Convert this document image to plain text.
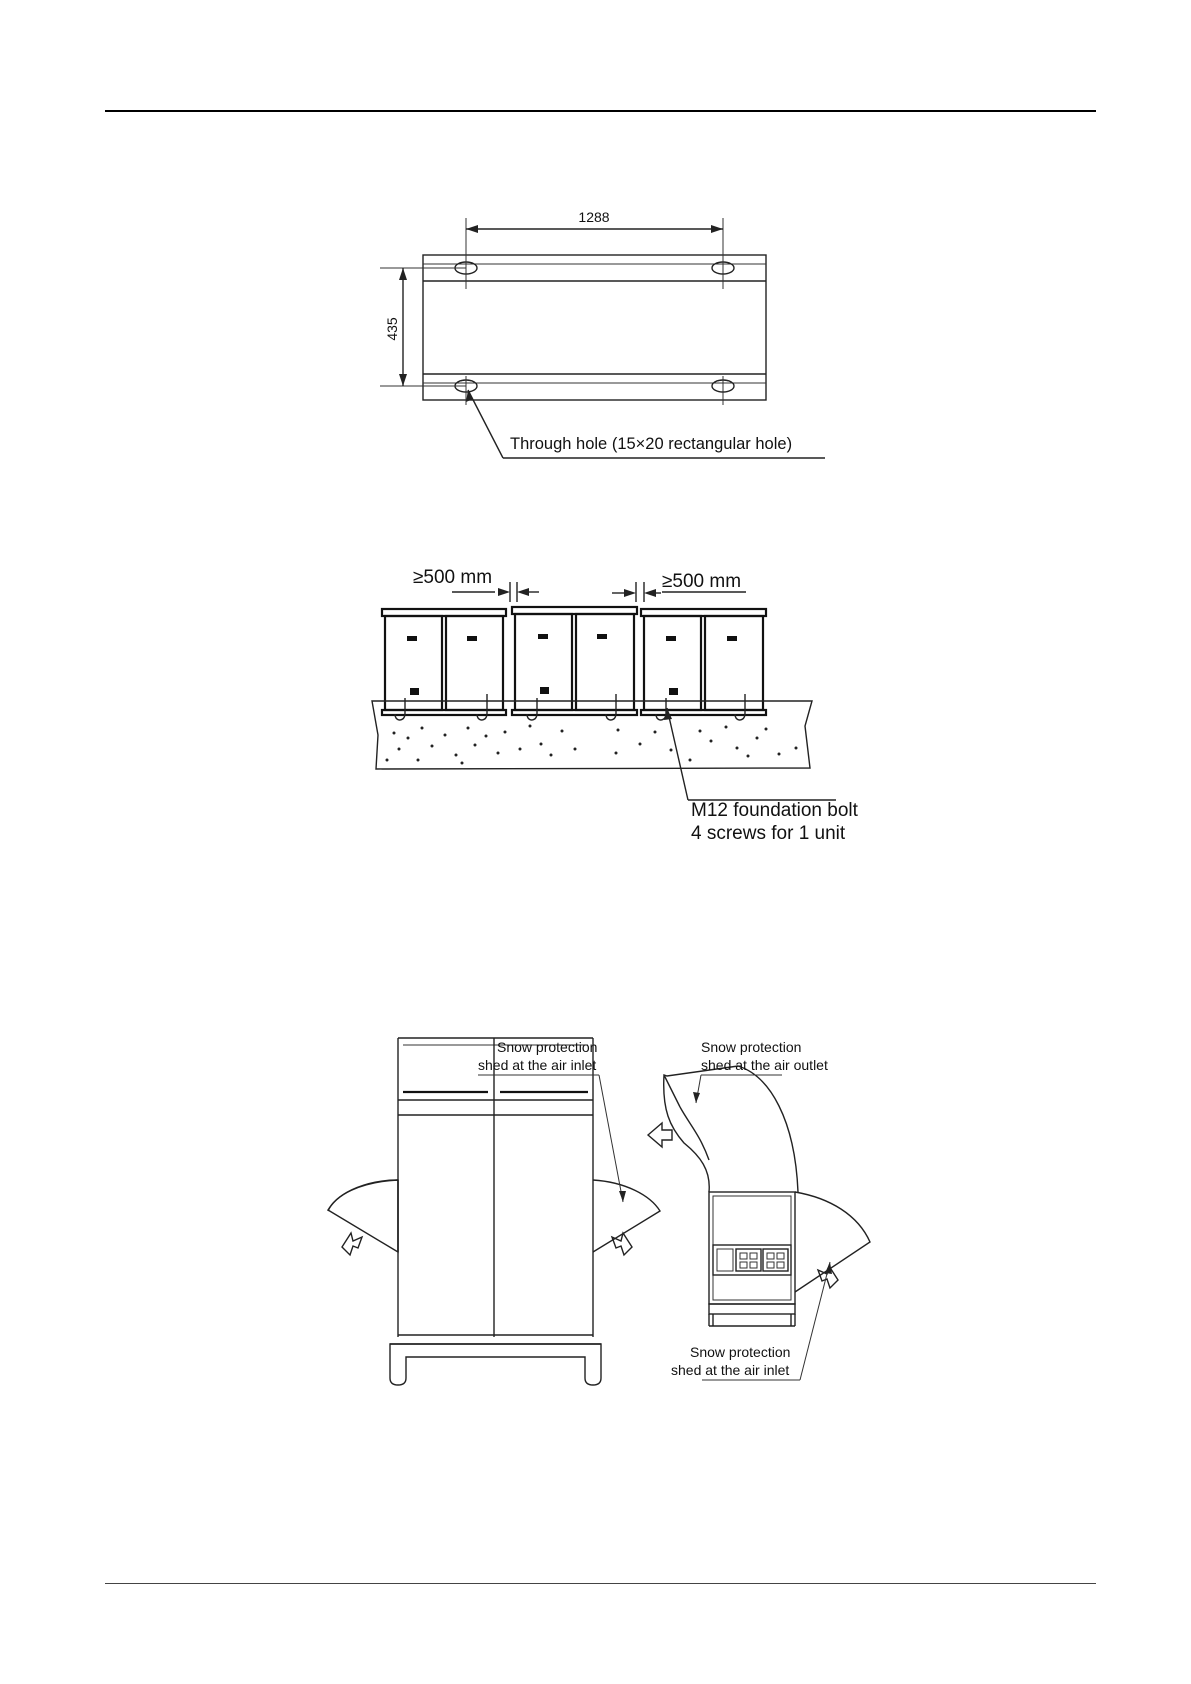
1288
435
Through hole (15×20 rectangular hole)
≥500 mm	≥500 mm
M12 foundation bolt
4 screws for 1 unit
Snow protection
shed at the air inlet
Snow protection
shed at the air outlet
Snow protection
shed at the air inlet
